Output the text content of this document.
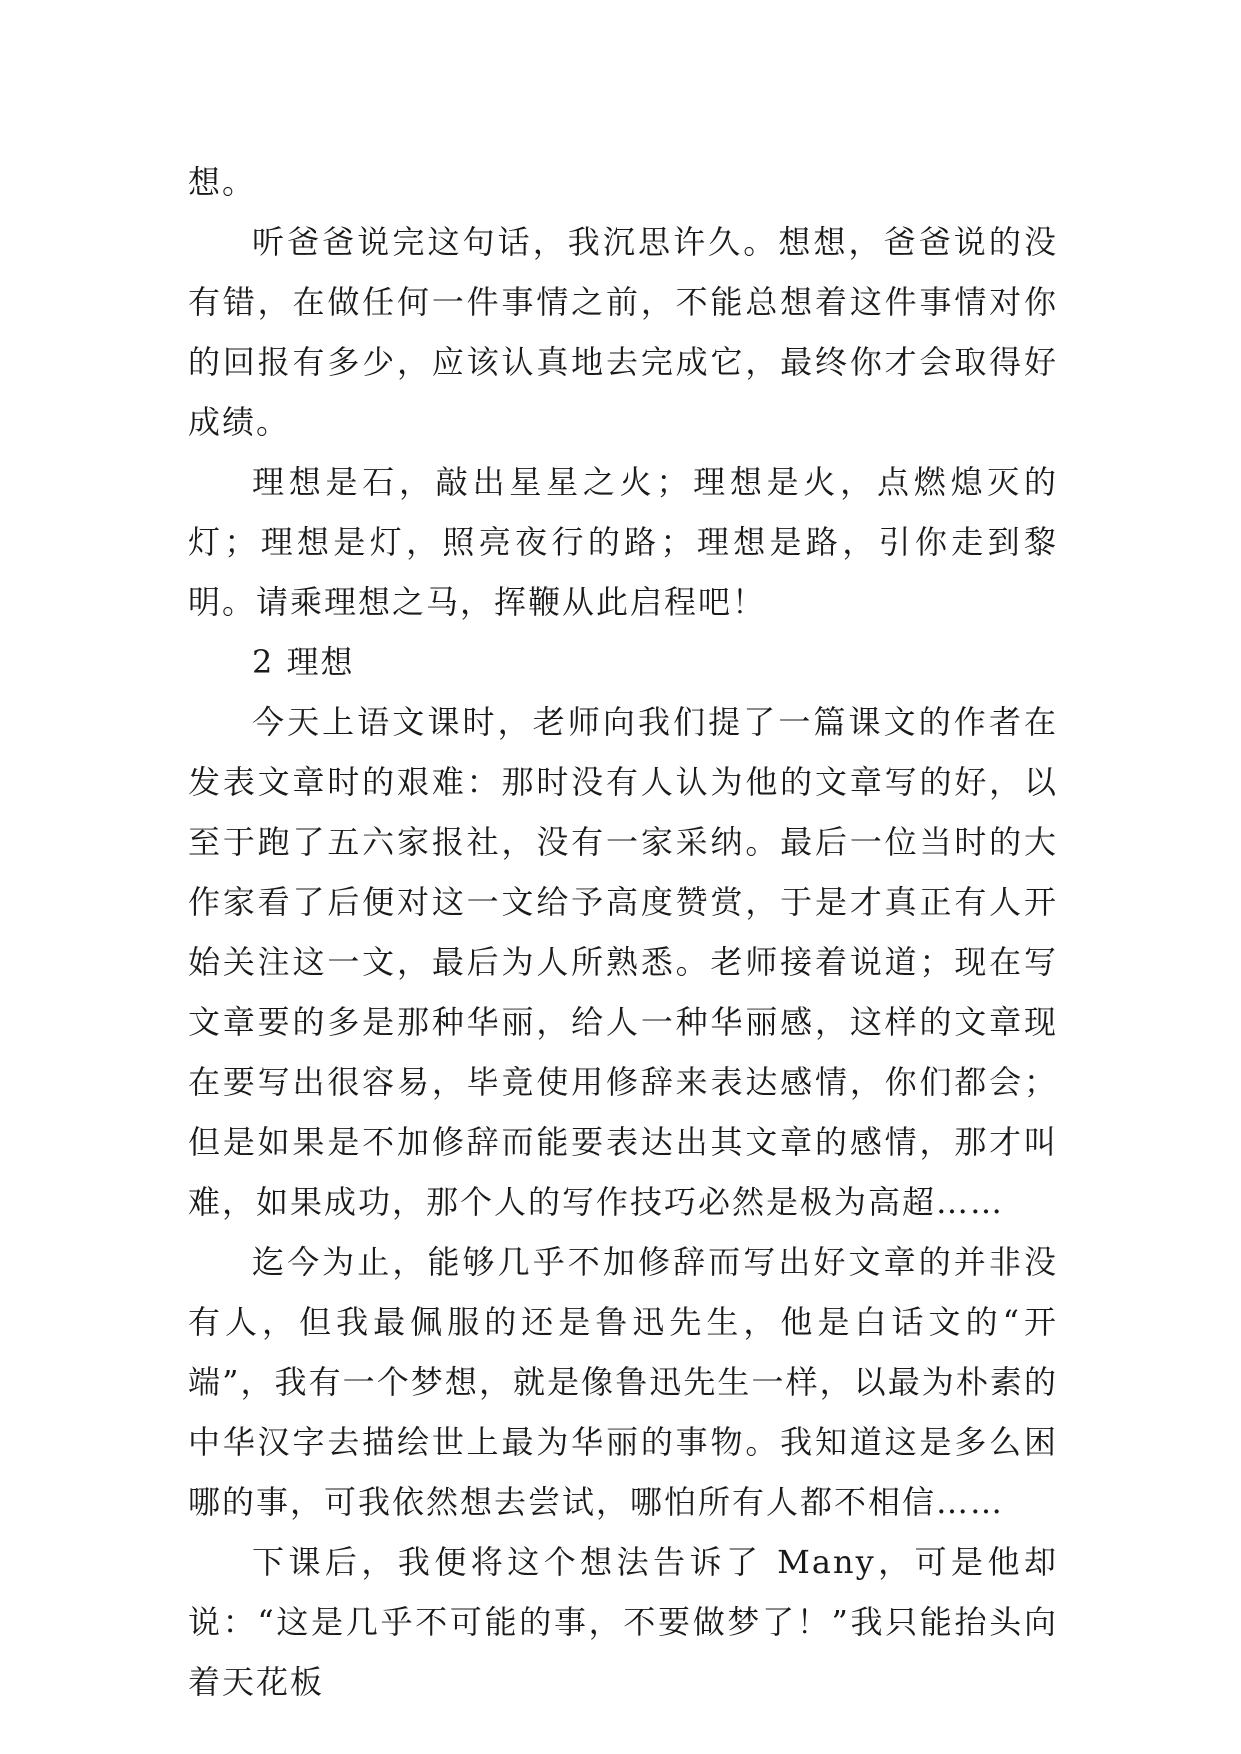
想。

听爸爸说完这句话，我沉思许久。想想，爸爸说的没有错，在做任何一件事情之前，不能总想着这件事情对你的回报有多少，应该认真地去完成它，最终你才会取得好成绩。

理想是石，敲出星星之火；理想是火，点燃熄灭的灯；理想是灯，照亮夜行的路；理想是路，引你走到黎明。请乘理想之马，挥鞭从此启程吧！

2 理想

今天上语文课时，老师向我们提了一篇课文的作者在发表文章时的艰难：那时没有人认为他的文章写的好，以至于跑了五六家报社，没有一家采纳。最后一位当时的大作家看了后便对这一文给予高度赞赏，于是才真正有人开始关注这一文，最后为人所熟悉。老师接着说道；现在写文章要的多是那种华丽，给人一种华丽感，这样的文章现在要写出很容易，毕竟使用修辞来表达感情，你们都会；但是如果是不加修辞而能要表达出其文章的感情，那才叫难，如果成功，那个人的写作技巧必然是极为高超……

迄今为止，能够几乎不加修辞而写出好文章的并非没有人，但我最佩服的还是鲁迅先生，他是白话文的“开端”，我有一个梦想，就是像鲁迅先生一样，以最为朴素的中华汉字去描绘世上最为华丽的事物。我知道这是多么困哪的事，可我依然想去尝试，哪怕所有人都不相信……

下课后，我便将这个想法告诉了 Many，可是他却说：“这是几乎不可能的事，不要做梦了！”我只能抬头向着天花板
